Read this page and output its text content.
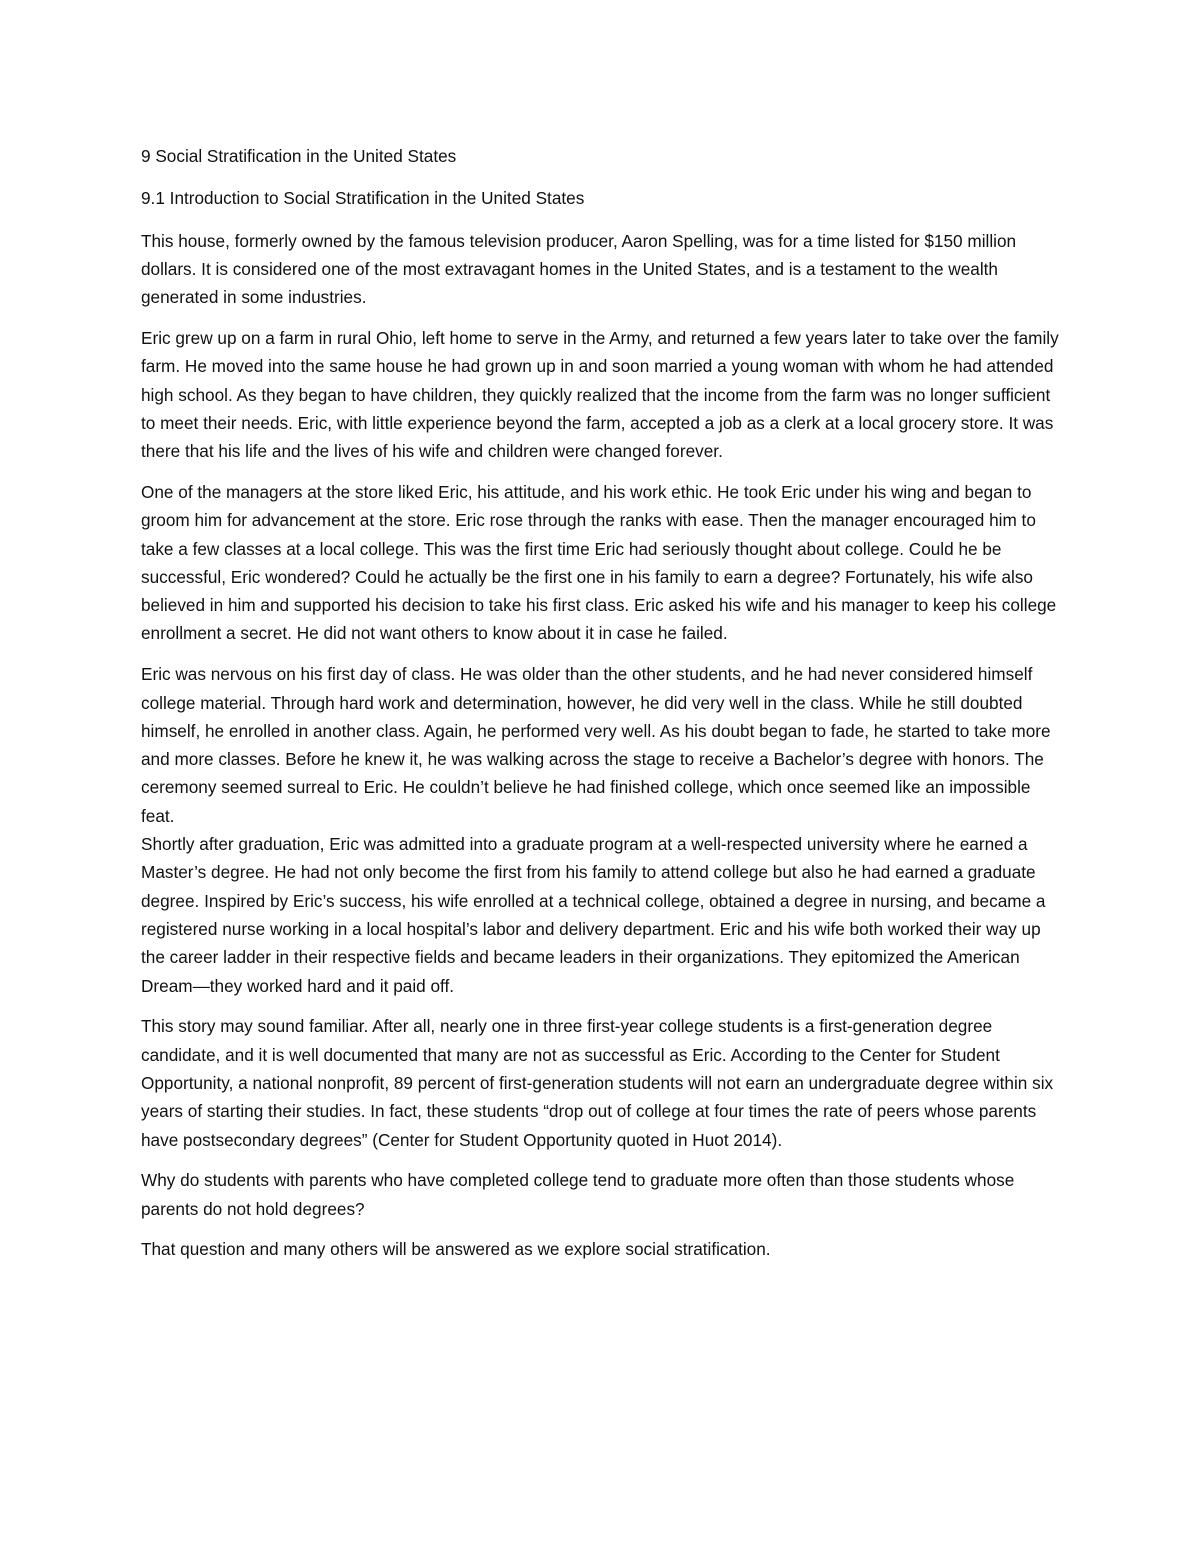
9 Social Stratification in the United States
9.1 Introduction to Social Stratification in the United States

This house, formerly owned by the famous television producer, Aaron Spelling, was for a time listed for $150 million dollars. It is considered one of the most extravagant homes in the United States, and is a testament to the wealth generated in some industries.

Eric grew up on a farm in rural Ohio, left home to serve in the Army, and returned a few years later to take over the family farm. He moved into the same house he had grown up in and soon married a young woman with whom he had attended high school. As they began to have children, they quickly realized that the income from the farm was no longer sufficient to meet their needs. Eric, with little experience beyond the farm, accepted a job as a clerk at a local grocery store. It was there that his life and the lives of his wife and children were changed forever.

One of the managers at the store liked Eric, his attitude, and his work ethic. He took Eric under his wing and began to groom him for advancement at the store. Eric rose through the ranks with ease. Then the manager encouraged him to take a few classes at a local college. This was the first time Eric had seriously thought about college. Could he be successful, Eric wondered? Could he actually be the first one in his family to earn a degree? Fortunately, his wife also believed in him and supported his decision to take his first class. Eric asked his wife and his manager to keep his college enrollment a secret. He did not want others to know about it in case he failed.

Eric was nervous on his first day of class. He was older than the other students, and he had never considered himself college material. Through hard work and determination, however, he did very well in the class. While he still doubted himself, he enrolled in another class. Again, he performed very well. As his doubt began to fade, he started to take more and more classes. Before he knew it, he was walking across the stage to receive a Bachelor’s degree with honors. The ceremony seemed surreal to Eric. He couldn’t believe he had finished college, which once seemed like an impossible feat.

Shortly after graduation, Eric was admitted into a graduate program at a well-respected university where he earned a Master’s degree. He had not only become the first from his family to attend college but also he had earned a graduate degree. Inspired by Eric’s success, his wife enrolled at a technical college, obtained a degree in nursing, and became a registered nurse working in a local hospital’s labor and delivery department. Eric and his wife both worked their way up the career ladder in their respective fields and became leaders in their organizations. They epitomized the American Dream—they worked hard and it paid off.

This story may sound familiar. After all, nearly one in three first-year college students is a first-generation degree candidate, and it is well documented that many are not as successful as Eric. According to the Center for Student Opportunity, a national nonprofit, 89 percent of first-generation students will not earn an undergraduate degree within six years of starting their studies. In fact, these students “drop out of college at four times the rate of peers whose parents have postsecondary degrees” (Center for Student Opportunity quoted in Huot 2014).

Why do students with parents who have completed college tend to graduate more often than those students whose parents do not hold degrees?

That question and many others will be answered as we explore social stratification.
